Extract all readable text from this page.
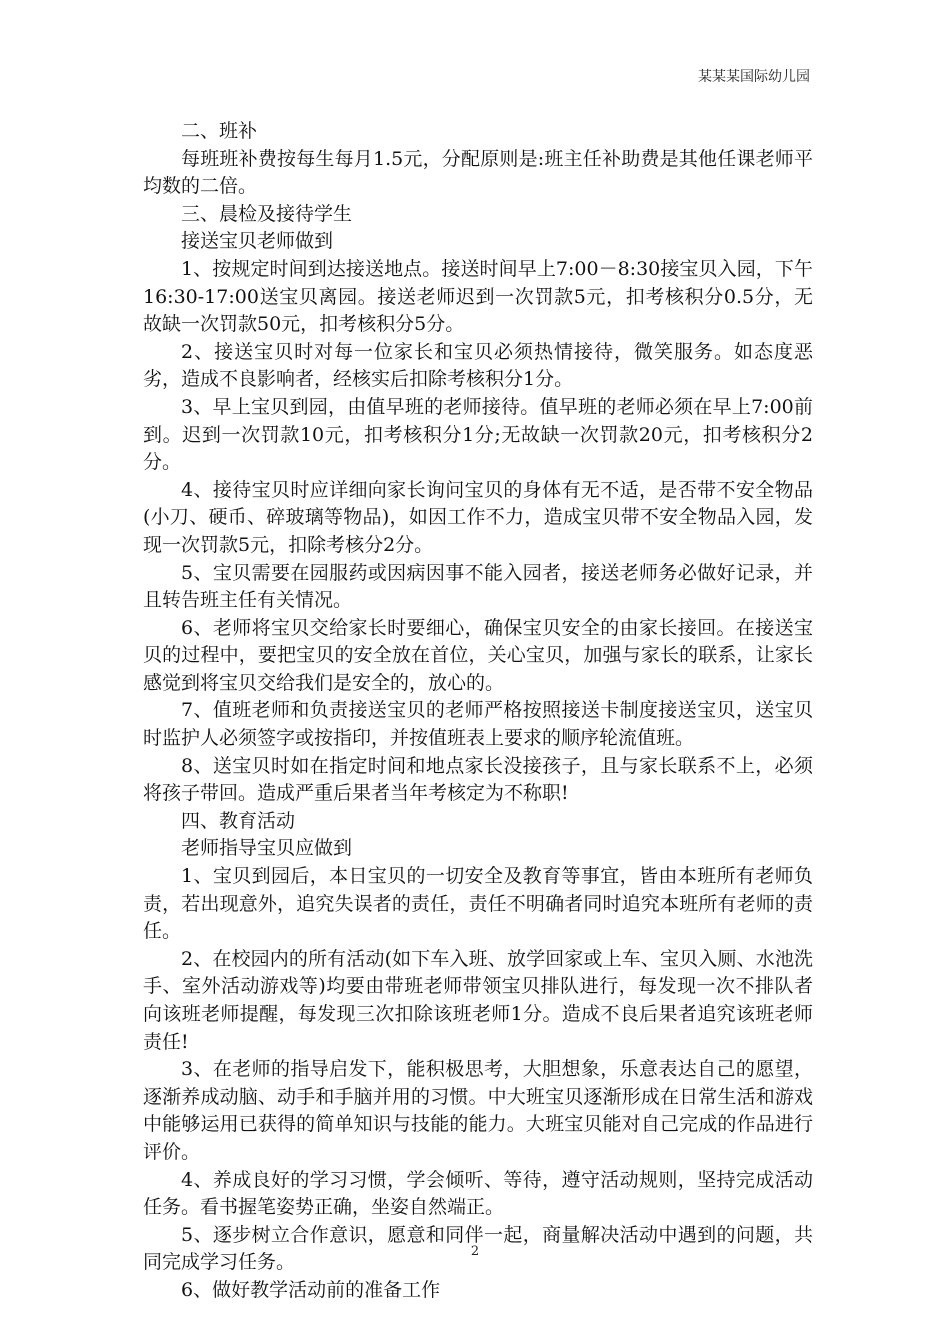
某某某国际幼儿园

二、班补

每班班补费按每生每月1.5元，分配原则是:班主任补助费是其他任课老师平均数的二倍。

三、晨检及接待学生

接送宝贝老师做到

1、按规定时间到达接送地点。接送时间早上7:00－8:30接宝贝入园，下午16:30-17:00送宝贝离园。接送老师迟到一次罚款5元，扣考核积分0.5分，无故缺一次罚款50元，扣考核积分5分。

2、接送宝贝时对每一位家长和宝贝必须热情接待，微笑服务。如态度恶劣，造成不良影响者，经核实后扣除考核积分1分。

3、早上宝贝到园，由值早班的老师接待。值早班的老师必须在早上7:00前到。迟到一次罚款10元，扣考核积分1分;无故缺一次罚款20元，扣考核积分2分。

4、接待宝贝时应详细向家长询问宝贝的身体有无不适，是否带不安全物品(小刀、硬币、碎玻璃等物品)，如因工作不力，造成宝贝带不安全物品入园，发现一次罚款5元，扣除考核分2分。

5、宝贝需要在园服药或因病因事不能入园者，接送老师务必做好记录，并且转告班主任有关情况。

6、老师将宝贝交给家长时要细心，确保宝贝安全的由家长接回。在接送宝贝的过程中，要把宝贝的安全放在首位，关心宝贝，加强与家长的联系，让家长感觉到将宝贝交给我们是安全的，放心的。

7、值班老师和负责接送宝贝的老师严格按照接送卡制度接送宝贝，送宝贝时监护人必须签字或按指印，并按值班表上要求的顺序轮流值班。

8、送宝贝时如在指定时间和地点家长没接孩子，且与家长联系不上，必须将孩子带回。造成严重后果者当年考核定为不称职!

四、教育活动

老师指导宝贝应做到

1、宝贝到园后，本日宝贝的一切安全及教育等事宜，皆由本班所有老师负责，若出现意外，追究失误者的责任，责任不明确者同时追究本班所有老师的责任。

2、在校园内的所有活动(如下车入班、放学回家或上车、宝贝入厕、水池洗手、室外活动游戏等)均要由带班老师带领宝贝排队进行，每发现一次不排队者向该班老师提醒，每发现三次扣除该班老师1分。造成不良后果者追究该班老师责任!

3、在老师的指导启发下，能积极思考，大胆想象，乐意表达自己的愿望，逐渐养成动脑、动手和手脑并用的习惯。中大班宝贝逐渐形成在日常生活和游戏中能够运用已获得的简单知识与技能的能力。大班宝贝能对自己完成的作品进行评价。

4、养成良好的学习习惯，学会倾听、等待，遵守活动规则，坚持完成活动任务。看书握笔姿势正确，坐姿自然端正。

5、逐步树立合作意识，愿意和同伴一起，商量解决活动中遇到的问题，共同完成学习任务。

6、做好教学活动前的准备工作

2
